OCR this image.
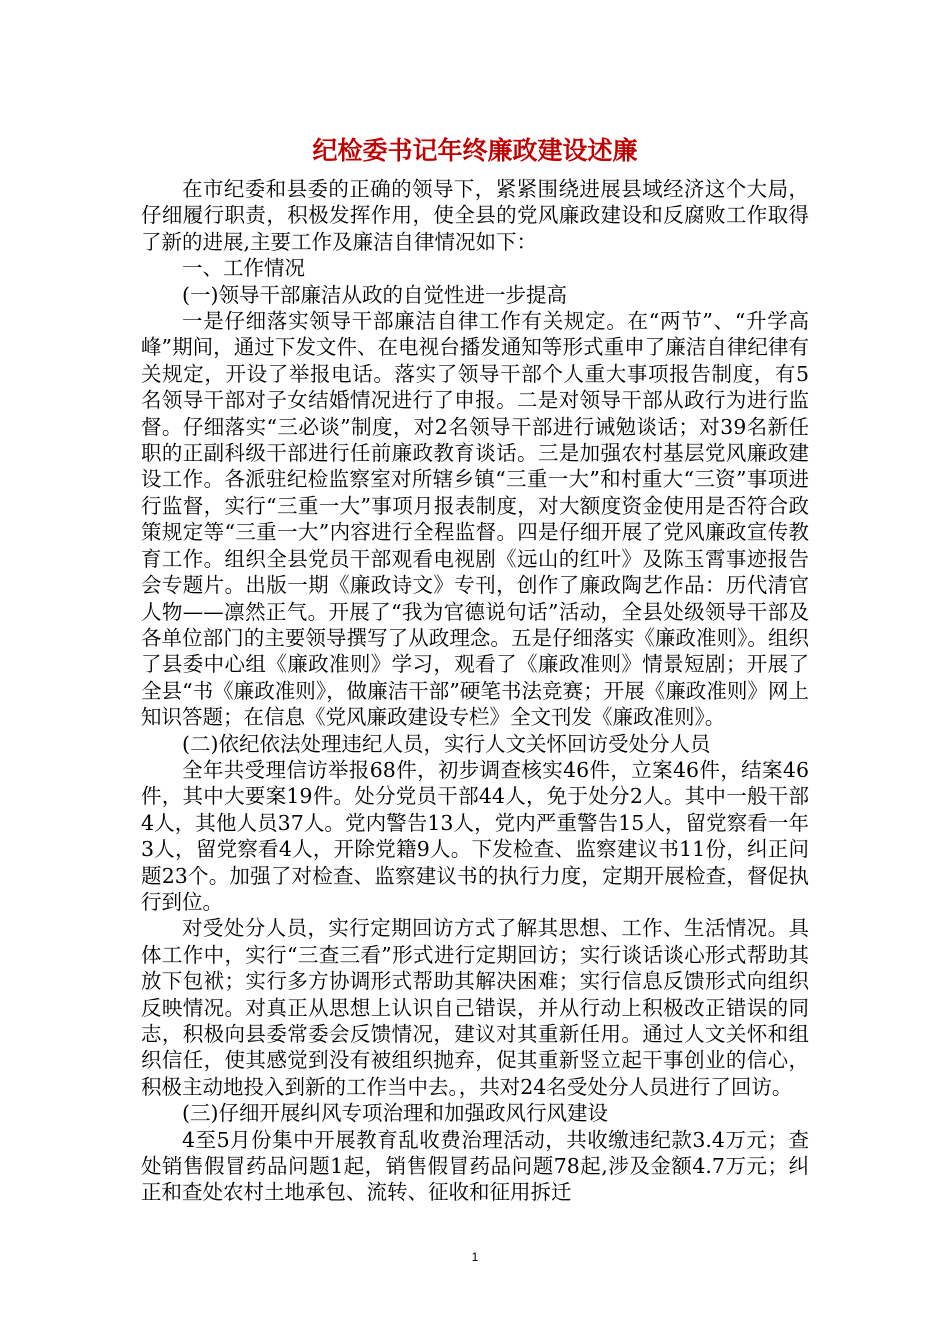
纪检委书记年终廉政建设述廉

在市纪委和县委的正确的领导下，紧紧围绕进展县域经济这个大局，仔细履行职责，积极发挥作用，使全县的党风廉政建设和反腐败工作取得了新的进展,主要工作及廉洁自律情况如下：

一、工作情况

(一)领导干部廉洁从政的自觉性进一步提高

一是仔细落实领导干部廉洁自律工作有关规定。在“两节”、“升学高峰”期间，通过下发文件、在电视台播发通知等形式重申了廉洁自律纪律有关规定，开设了举报电话。落实了领导干部个人重大事项报告制度，有5名领导干部对子女结婚情况进行了申报。二是对领导干部从政行为进行监督。仔细落实“三必谈”制度，对2名领导干部进行诫勉谈话；对39名新任职的正副科级干部进行任前廉政教育谈话。三是加强农村基层党风廉政建设工作。各派驻纪检监察室对所辖乡镇“三重一大”和村重大“三资”事项进行监督，实行“三重一大”事项月报表制度，对大额度资金使用是否符合政策规定等“三重一大”内容进行全程监督。四是仔细开展了党风廉政宣传教育工作。组织全县党员干部观看电视剧《远山的红叶》及陈玉霄事迹报告会专题片。出版一期《廉政诗文》专刊，创作了廉政陶艺作品：历代清官人物——凛然正气。开展了“我为官德说句话”活动，全县处级领导干部及各单位部门的主要领导撰写了从政理念。五是仔细落实《廉政准则》。组织了县委中心组《廉政准则》学习，观看了《廉政准则》情景短剧；开展了全县“书《廉政准则》，做廉洁干部”硬笔书法竞赛；开展《廉政准则》网上知识答题；在信息《党风廉政建设专栏》全文刊发《廉政准则》。

(二)依纪依法处理违纪人员，实行人文关怀回访受处分人员

全年共受理信访举报68件，初步调查核实46件，立案46件，结案46件，其中大要案19件。处分党员干部44人，免于处分2人。其中一般干部4人，其他人员37人。党内警告13人，党内严重警告15人，留党察看一年3人，留党察看4人，开除党籍9人。下发检查、监察建议书11份，纠正问题23个。加强了对检查、监察建议书的执行力度，定期开展检查，督促执行到位。

对受处分人员，实行定期回访方式了解其思想、工作、生活情况。具体工作中，实行“三查三看”形式进行定期回访；实行谈话谈心形式帮助其放下包袱；实行多方协调形式帮助其解决困难；实行信息反馈形式向组织反映情况。对真正从思想上认识自己错误，并从行动上积极改正错误的同志，积极向县委常委会反馈情况，建议对其重新任用。通过人文关怀和组织信任，使其感觉到没有被组织抛弃，促其重新竖立起干事创业的信心，积极主动地投入到新的工作当中去。，共对24名受处分人员进行了回访。

(三)仔细开展纠风专项治理和加强政风行风建设

4至5月份集中开展教育乱收费治理活动，共收缴违纪款3.4万元；查处销售假冒药品问题1起，销售假冒药品问题78起,涉及金额4.7万元；纠正和查处农村土地承包、流转、征收和征用拆迁

1
